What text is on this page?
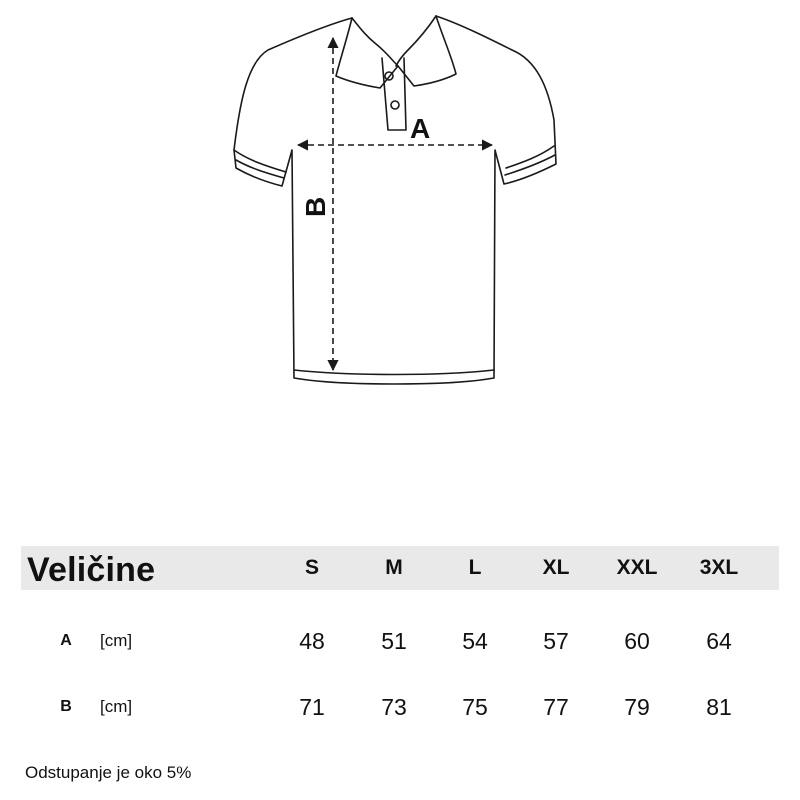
A
B
Veličine	S	M	L	XL	XXL	3XL
A [cm]	48	51	54	57	60	64
B [cm]	71	73	75	77	79	81
Odstupanje je oko 5%
